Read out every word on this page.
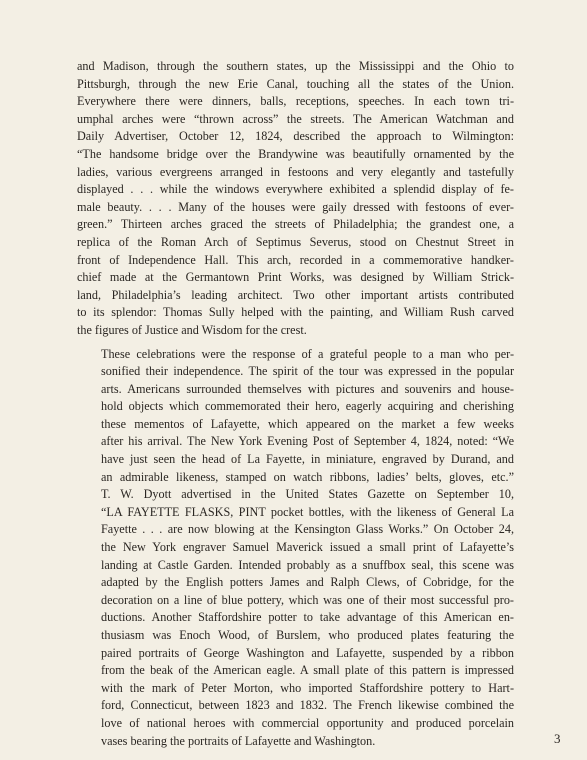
and Madison, through the southern states, up the Mississippi and the Ohio to
Pittsburgh, through the new Erie Canal, touching all the states of the Union.
Everywhere there were dinners, balls, receptions, speeches. In each town tri-
umphal arches were “thrown across” the streets. The American Watchman and
Daily Advertiser, October 12, 1824, described the approach to Wilmington:
“The handsome bridge over the Brandywine was beautifully ornamented by the
ladies, various evergreens arranged in festoons and very elegantly and tastefully
displayed . . . while the windows everywhere exhibited a splendid display of fe-
male beauty. . . . Many of the houses were gaily dressed with festoons of ever-
green.” Thirteen arches graced the streets of Philadelphia; the grandest one, a
replica of the Roman Arch of Septimus Severus, stood on Chestnut Street in
front of Independence Hall. This arch, recorded in a commemorative handker-
chief made at the Germantown Print Works, was designed by William Strick-
land, Philadelphia’s leading architect. Two other important artists contributed
to its splendor: Thomas Sully helped with the painting, and William Rush carved
the figures of Justice and Wisdom for the crest.

These celebrations were the response of a grateful people to a man who per-
sonified their independence. The spirit of the tour was expressed in the popular
arts. Americans surrounded themselves with pictures and souvenirs and house-
hold objects which commemorated their hero, eagerly acquiring and cherishing
these mementos of Lafayette, which appeared on the market a few weeks
after his arrival. The New York Evening Post of September 4, 1824, noted: “We
have just seen the head of La Fayette, in miniature, engraved by Durand, and
an admirable likeness, stamped on watch ribbons, ladies’ belts, gloves, etc.”
T. W. Dyott advertised in the United States Gazette on September 10,
“LA FAYETTE FLASKS, PINT pocket bottles, with the likeness of General La
Fayette . . . are now blowing at the Kensington Glass Works.” On October 24,
the New York engraver Samuel Maverick issued a small print of Lafayette’s
landing at Castle Garden. Intended probably as a snuffbox seal, this scene was
adapted by the English potters James and Ralph Clews, of Cobridge, for the
decoration on a line of blue pottery, which was one of their most successful pro-
ductions. Another Staffordshire potter to take advantage of this American en-
thusiasm was Enoch Wood, of Burslem, who produced plates featuring the
paired portraits of George Washington and Lafayette, suspended by a ribbon
from the beak of the American eagle. A small plate of this pattern is impressed
with the mark of Peter Morton, who imported Staffordshire pottery to Hart-
ford, Connecticut, between 1823 and 1832. The French likewise combined the
love of national heroes with commercial opportunity and produced porcelain
vases bearing the portraits of Lafayette and Washington.	3
